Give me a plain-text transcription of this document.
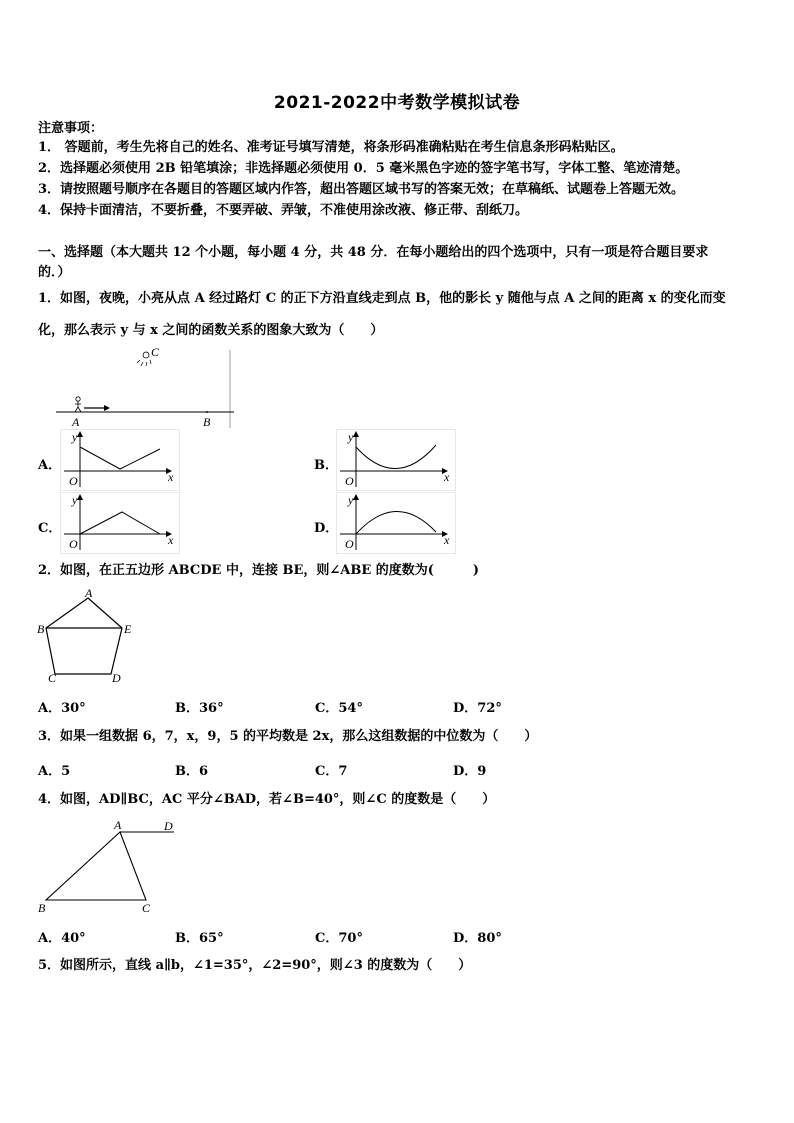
2021-2022中考数学模拟试卷
注意事项：
1． 答题前，考生先将自己的姓名、准考证号填写清楚，将条形码准确粘贴在考生信息条形码粘贴区。
2．选择题必须使用 2B 铅笔填涂；非选择题必须使用 0．5 毫米黑色字迹的签字笔书写，字体工整、笔迹清楚。
3．请按照题号顺序在各题目的答题区域内作答，超出答题区域书写的答案无效；在草稿纸、试题卷上答题无效。
4．保持卡面清洁，不要折叠，不要弄破、弄皱，不准使用涂改液、修正带、刮纸刀。
一、选择题（本大题共 12 个小题，每小题 4 分，共 48 分．在每小题给出的四个选项中，只有一项是符合题目要求
的．）
1．如图，夜晚，小亮从点 A 经过路灯 C 的正下方沿直线走到点 B，他的影长 y 随他与点 A 之间的距离 x 的变化而变
化，那么表示 y 与 x 之间的函数关系的图象大致为（　　）
C
A	B
A．	B．
C．	D．
y
x
O
y
x
O
y
x
O
y
x
O
2．如图，在正五边形 ABCDE 中，连接 BE，则∠ABE 的度数为(　　　)
A
B	E
C	D
A．30°	B．36°	C．54°	D．72°
3．如果一组数据 6，7，x，9，5 的平均数是 2x，那么这组数据的中位数为（　　）
A．5	B．6	C．7	D．9
4．如图，AD∥BC，AC 平分∠BAD，若∠B=40°，则∠C 的度数是（　　）
A	D
B	C
A．40°	B．65°	C．70°	D．80°
5．如图所示，直线 a∥b，∠1=35°，∠2=90°，则∠3 的度数为（　　）
